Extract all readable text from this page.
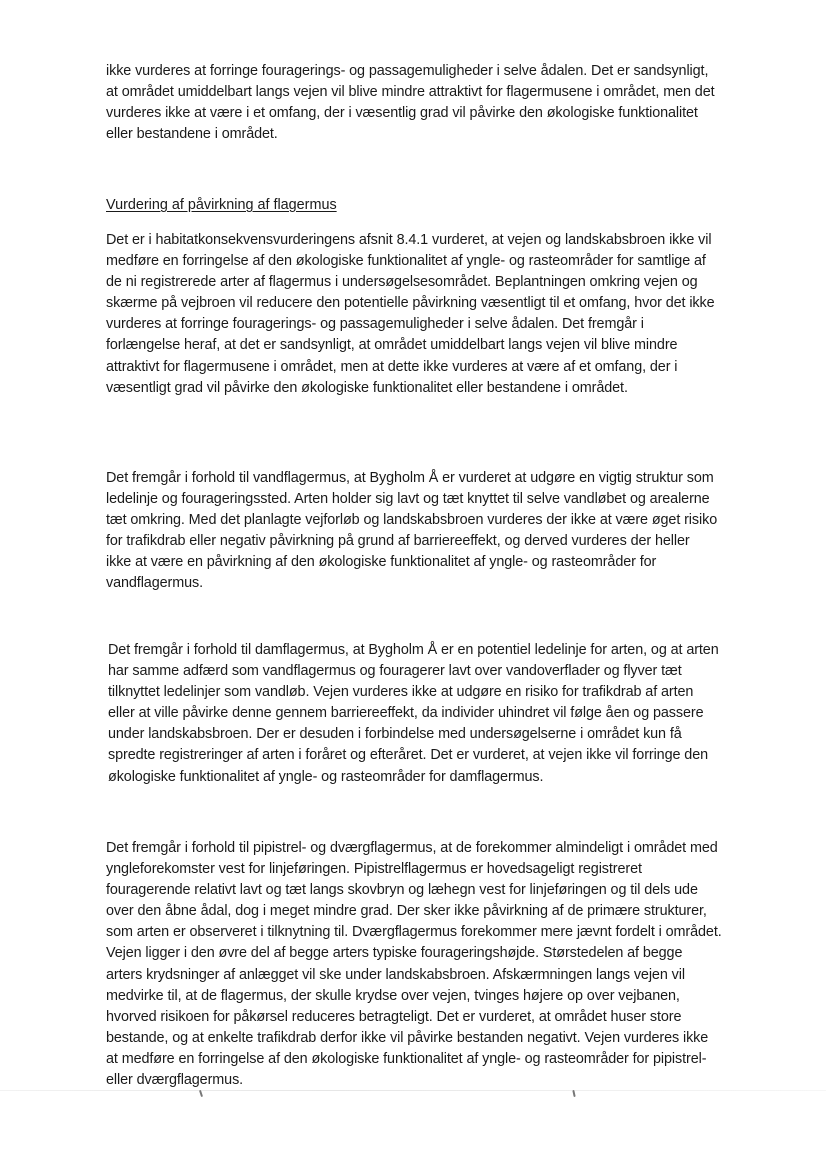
ikke vurderes at forringe fouragerings- og passagemuligheder i selve ådalen. Det er sandsynligt, at området umiddelbart langs vejen vil blive mindre attraktivt for flagermusene i området, men det vurderes ikke at være i et omfang, der i væsentlig grad vil påvirke den økologiske funktionalitet eller bestandene i området.

Vurdering af påvirkning af flagermus

Det er i habitatkonsekvensvurderingens afsnit 8.4.1 vurderet, at vejen og landskabsbroen ikke vil medføre en forringelse af den økologiske funktionalitet af yngle- og rasteområder for samtlige af de ni registrerede arter af flagermus i undersøgelsesområdet. Beplantningen omkring vejen og skærme på vejbroen vil reducere den potentielle påvirkning væsentligt til et omfang, hvor det ikke vurderes at forringe fouragerings- og passagemuligheder i selve ådalen. Det fremgår i forlængelse heraf, at det er sandsynligt, at området umiddelbart langs vejen vil blive mindre attraktivt for flagermusene i området, men at dette ikke vurderes at være af et omfang, der i væsentligt grad vil påvirke den økologiske funktionalitet eller bestandene i området.

Det fremgår i forhold til vandflagermus, at Bygholm Å er vurderet at udgøre en vigtig struktur som ledelinje og fourageringssted. Arten holder sig lavt og tæt knyttet til selve vandløbet og arealerne tæt omkring. Med det planlagte vejforløb og landskabsbroen vurderes der ikke at være øget risiko for trafikdrab eller negativ påvirkning på grund af barriereeffekt, og derved vurderes der heller ikke at være en påvirkning af den økologiske funktionalitet af yngle- og rasteområder for vandflagermus.

Det fremgår i forhold til damflagermus, at Bygholm Å er en potentiel ledelinje for arten, og at arten har samme adfærd som vandflagermus og fouragerer lavt over vandoverflader og flyver tæt tilknyttet ledelinjer som vandløb. Vejen vurderes ikke at udgøre en risiko for trafikdrab af arten eller at ville påvirke denne gennem barriereeffekt, da individer uhindret vil følge åen og passere under landskabsbroen. Der er desuden i forbindelse med undersøgelserne i området kun få spredte registreringer af arten i foråret og efteråret. Det er vurderet, at vejen ikke vil forringe den økologiske funktionalitet af yngle- og rasteområder for damflagermus.

Det fremgår i forhold til pipistrel- og dværgflagermus, at de forekommer almindeligt i området med yngleforekomster vest for linjeføringen. Pipistrelflagermus er hovedsageligt registreret fouragerende relativt lavt og tæt langs skovbryn og læhegn vest for linjeføringen og til dels ude over den åbne ådal, dog i meget mindre grad. Der sker ikke påvirkning af de primære strukturer, som arten er observeret i tilknytning til. Dværgflagermus forekommer mere jævnt fordelt i området. Vejen ligger i den øvre del af begge arters typiske fourageringshøjde. Størstedelen af begge arters krydsninger af anlægget vil ske under landskabsbroen. Afskærmningen langs vejen vil medvirke til, at de flagermus, der skulle krydse over vejen, tvinges højere op over vejbanen, hvorved risikoen for påkørsel reduceres betragteligt. Det er vurderet, at området huser store bestande, og at enkelte trafikdrab derfor ikke vil påvirke bestanden negativt. Vejen vurderes ikke at medføre en forringelse af den økologiske funktionalitet af yngle- og rasteområder for pipistrel- eller dværgflagermus.
